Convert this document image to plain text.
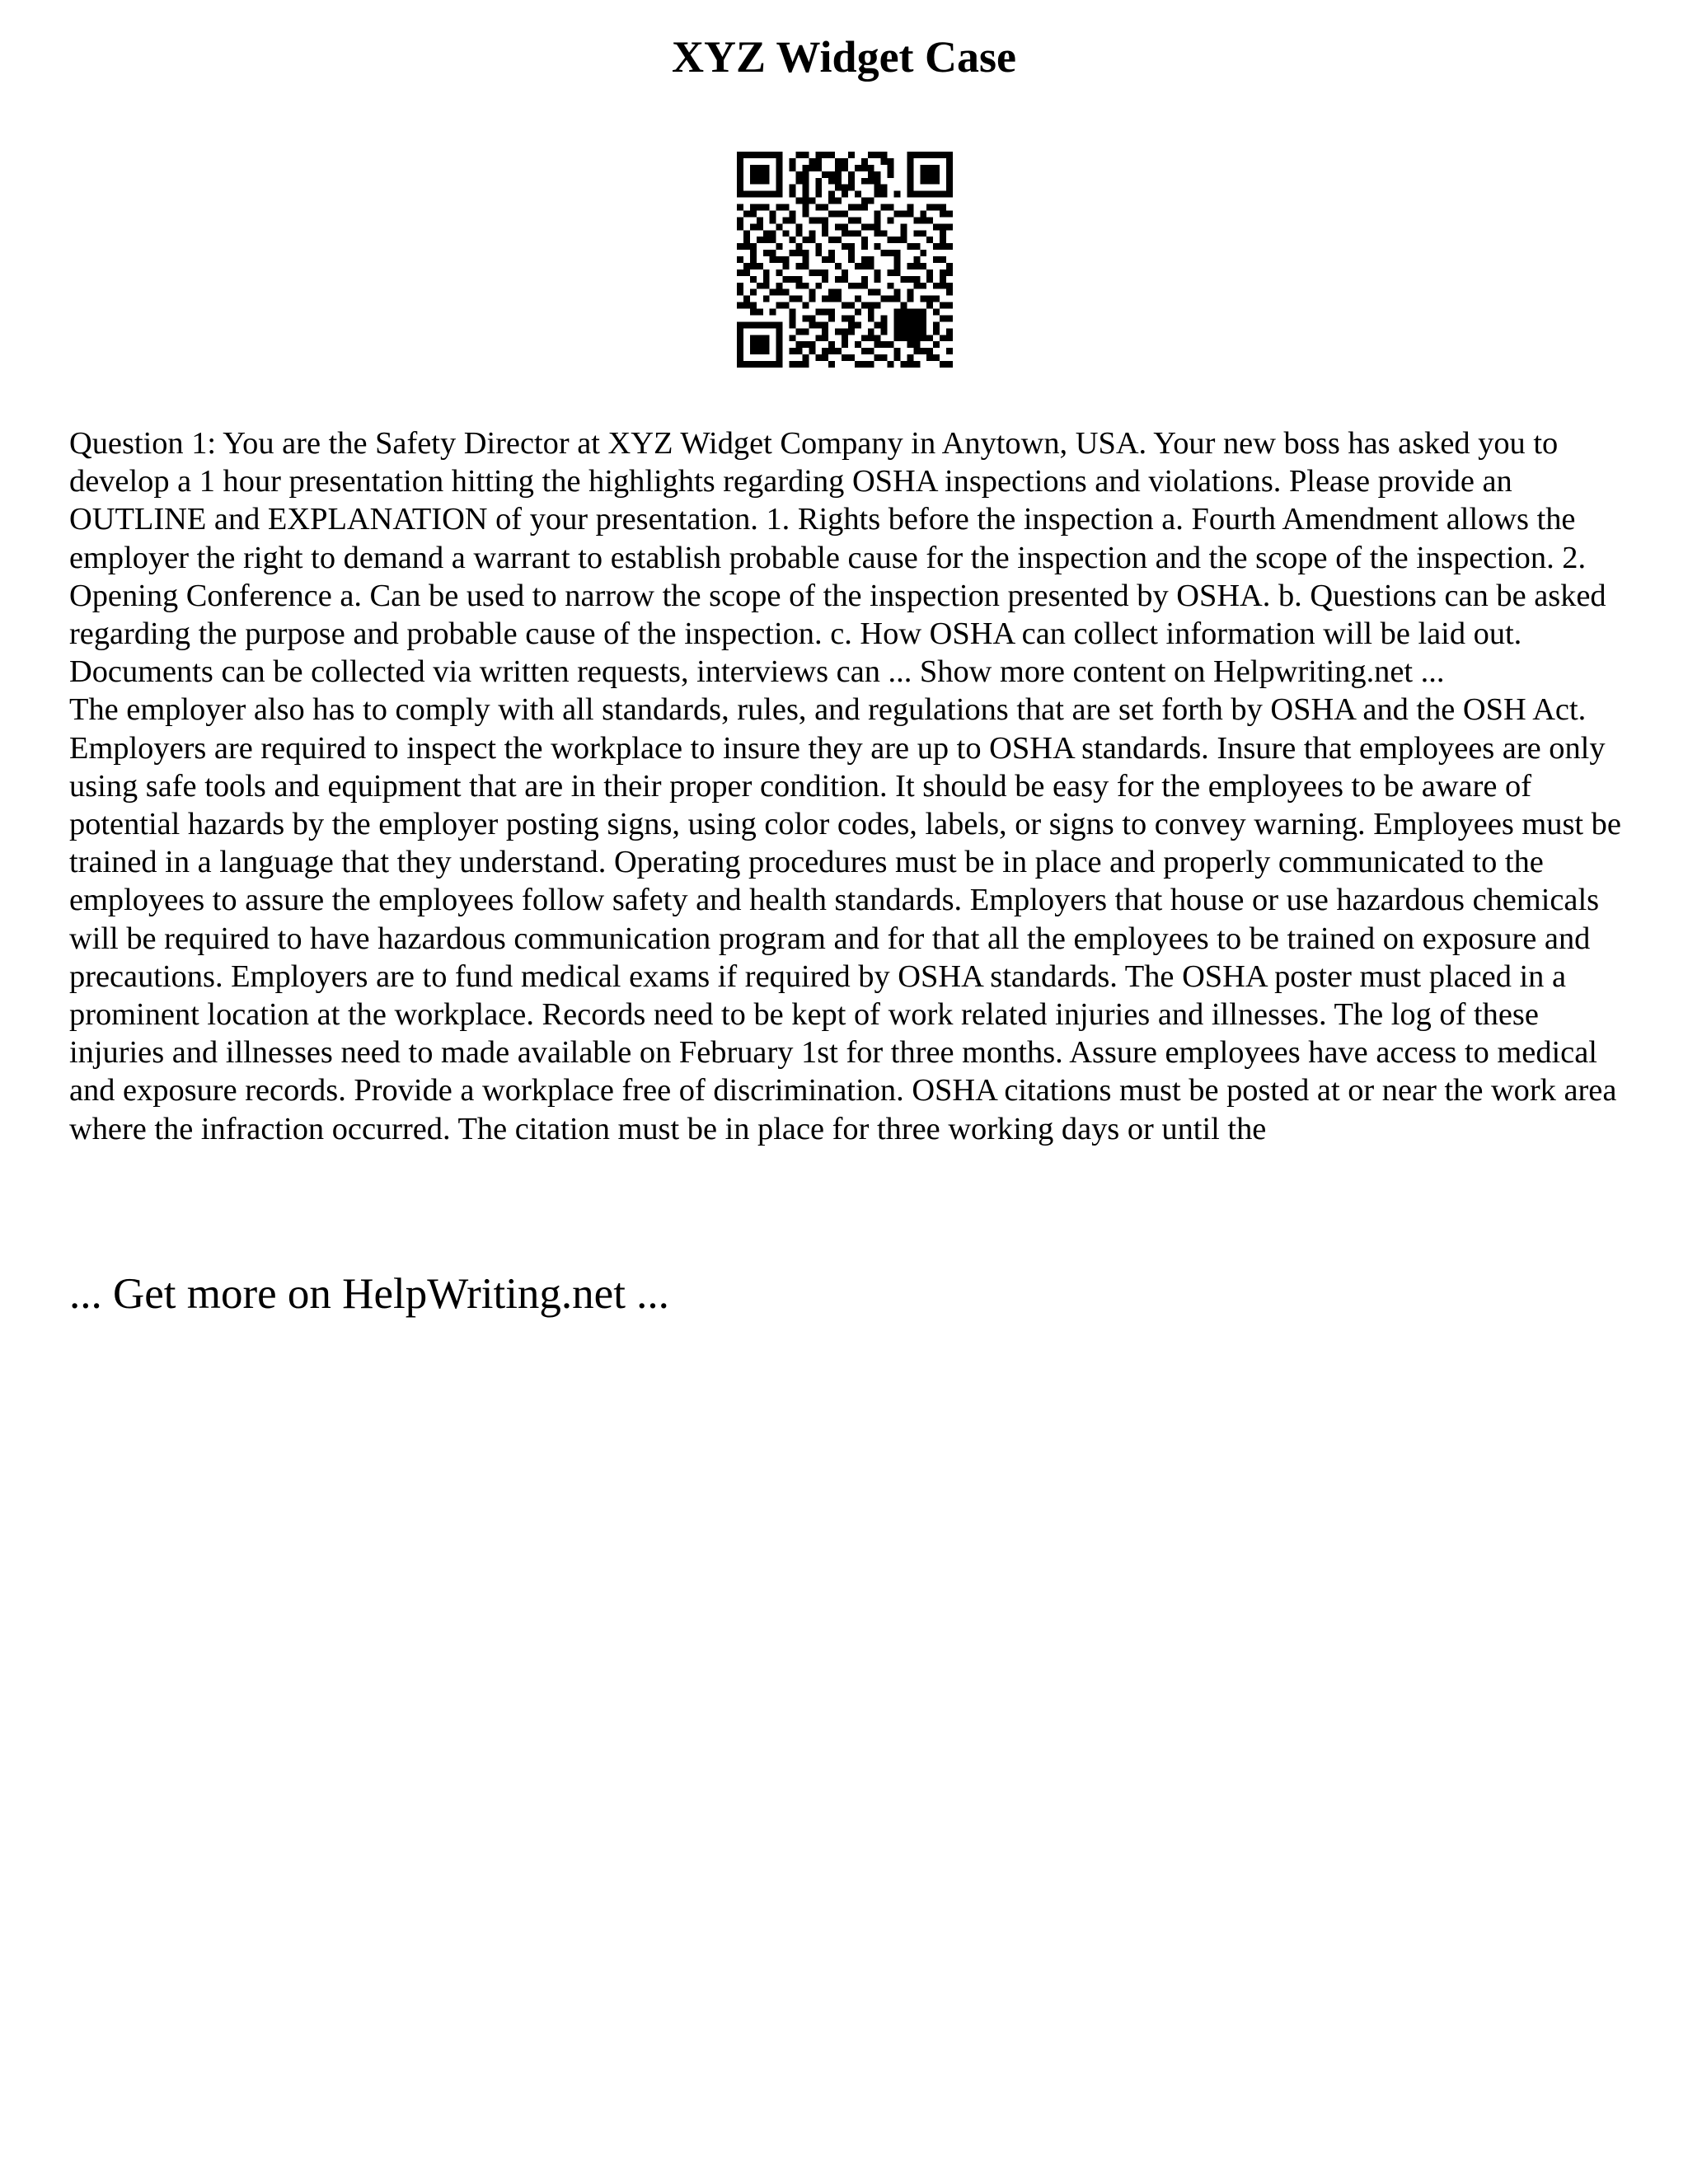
XYZ Widget Case

Question 1: You are the Safety Director at XYZ Widget Company in Anytown, USA. Your new boss has asked you to develop a 1 hour presentation hitting the highlights regarding OSHA inspections and violations. Please provide an OUTLINE and EXPLANATION of your presentation. 1. Rights before the inspection a. Fourth Amendment allows the employer the right to demand a warrant to establish probable cause for the inspection and the scope of the inspection. 2. Opening Conference a. Can be used to narrow the scope of the inspection presented by OSHA. b. Questions can be asked regarding the purpose and probable cause of the inspection. c. How OSHA can collect information will be laid out. Documents can be collected via written requests, interviews can ... Show more content on Helpwriting.net ...

The employer also has to comply with all standards, rules, and regulations that are set forth by OSHA and the OSH Act. Employers are required to inspect the workplace to insure they are up to OSHA standards. Insure that employees are only using safe tools and equipment that are in their proper condition. It should be easy for the employees to be aware of potential hazards by the employer posting signs, using color codes, labels, or signs to convey warning. Employees must be trained in a language that they understand. Operating procedures must be in place and properly communicated to the employees to assure the employees follow safety and health standards. Employers that house or use hazardous chemicals will be required to have hazardous communication program and for that all the employees to be trained on exposure and precautions. Employers are to fund medical exams if required by OSHA standards. The OSHA poster must placed in a prominent location at the workplace. Records need to be kept of work related injuries and illnesses. The log of these injuries and illnesses need to made available on February 1st for three months. Assure employees have access to medical and exposure records. Provide a workplace free of discrimination. OSHA citations must be posted at or near the work area where the infraction occurred. The citation must be in place for three working days or until the

... Get more on HelpWriting.net ...
